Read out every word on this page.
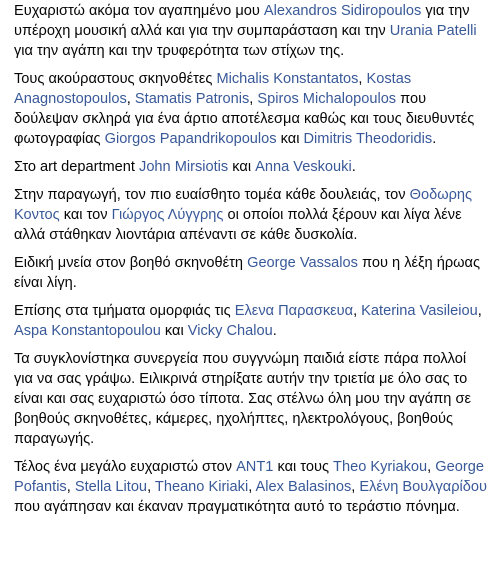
Ευχαριστώ ακόμα τον αγαπημένο μου Alexandros Sidiropoulos για την υπέροχη μουσική αλλά και για την συμπαράσταση και την Urania Patelli για την αγάπη και την τρυφερότητα των στίχων της.
Τους ακούραστους σκηνοθέτες Michalis Konstantatos, Kostas Anagnostopoulos, Stamatis Patronis, Spiros Michalopoulos που δούλεψαν σκληρά για ένα άρτιο αποτέλεσμα καθώς και τους διευθυντές φωτογραφίας Giorgos Papandrikopoulos και Dimitris Theodoridis.
Στο art department John Mirsiotis και Anna Veskouki.
Στην παραγωγή, τον πιο ευαίσθητο τομέα κάθε δουλειάς, τον Θοδωρης Κοντος και τον Γιώργος Λύγγρης οι οποίοι πολλά ξέρουν και λίγα λένε αλλά στάθηκαν λιοντάρια απέναντι σε κάθε δυσκολία.
Ειδική μνεία στον βοηθό σκηνοθέτη George Vassalos που η λέξη ήρωας είναι λίγη.
Επίσης στα τμήματα ομορφιάς τις Ελενα Παρασκευα, Katerina Vasileiou, Aspa Konstantopoulou και Vicky Chalou.
Τα συγκλονίστηκα συνεργεία που συγγνώμη παιδιά είστε πάρα πολλοί για να σας γράψω. Ειλικρινά στηρίξατε αυτήν την τριετία με όλο σας το είναι και σας ευχαριστώ όσο τίποτα. Σας στέλνω όλη μου την αγάπη σε βοηθούς σκηνοθέτες, κάμερες, ηχολήπτες, ηλεκτρολόγους, βοηθούς παραγωγής.
Τέλος ένα μεγάλο ευχαριστώ στον ANT1 και τους Theo Kyriakou, George Pofantis, Stella Litou, Theano Kiriaki, Alex Balasinos, Ελένη Βουλγαρίδου που αγάπησαν και έκαναν πραγματικότητα αυτό το τεράστιο πόνημα.
